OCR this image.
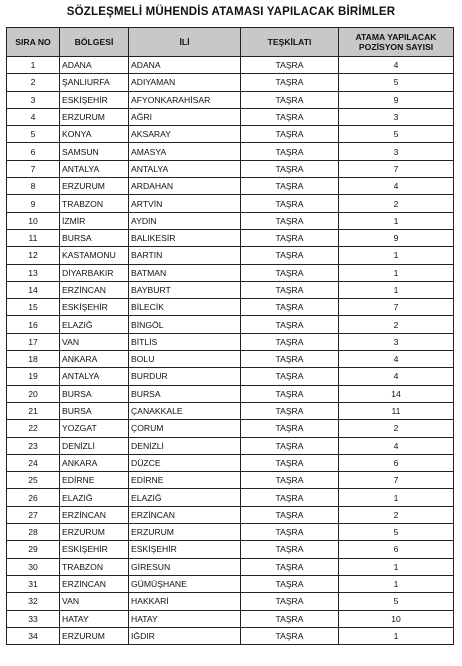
SÖZLEŞMELİ MÜHENDİS ATAMASI YAPILACAK BİRİMLER
SIRA NO	BÖLGESİ	İLİ	TEŞKİLATI	ATAMA YAPILACAK
POZİSYON SAYISI
1	ADANA	ADANA	TAŞRA	4
2	ŞANLIURFA	ADIYAMAN	TAŞRA	5
3	ESKİŞEHİR	AFYONKARAHİSAR	TAŞRA	9
4	ERZURUM	AĞRI	TAŞRA	3
5	KONYA	AKSARAY	TAŞRA	5
6	SAMSUN	AMASYA	TAŞRA	3
7	ANTALYA	ANTALYA	TAŞRA	7
8	ERZURUM	ARDAHAN	TAŞRA	4
9	TRABZON	ARTVİN	TAŞRA	2
10	İZMİR	AYDIN	TAŞRA	1
11	BURSA	BALIKESİR	TAŞRA	9
12	KASTAMONU	BARTIN	TAŞRA	1
13	DİYARBAKIR	BATMAN	TAŞRA	1
14	ERZİNCAN	BAYBURT	TAŞRA	1
15	ESKİŞEHİR	BİLECİK	TAŞRA	7
16	ELAZIĞ	BİNGÖL	TAŞRA	2
17	VAN	BİTLİS	TAŞRA	3
18	ANKARA	BOLU	TAŞRA	4
19	ANTALYA	BURDUR	TAŞRA	4
20	BURSA	BURSA	TAŞRA	14
21	BURSA	ÇANAKKALE	TAŞRA	11
22	YOZGAT	ÇORUM	TAŞRA	2
23	DENİZLİ	DENİZLİ	TAŞRA	4
24	ANKARA	DÜZCE	TAŞRA	6
25	EDİRNE	EDİRNE	TAŞRA	7
26	ELAZIĞ	ELAZIĞ	TAŞRA	1
27	ERZİNCAN	ERZİNCAN	TAŞRA	2
28	ERZURUM	ERZURUM	TAŞRA	5
29	ESKİŞEHİR	ESKİŞEHİR	TAŞRA	6
30	TRABZON	GİRESUN	TAŞRA	1
31	ERZİNCAN	GÜMÜŞHANE	TAŞRA	1
32	VAN	HAKKARİ	TAŞRA	5
33	HATAY	HATAY	TAŞRA	10
34	ERZURUM	IĞDIR	TAŞRA	1
